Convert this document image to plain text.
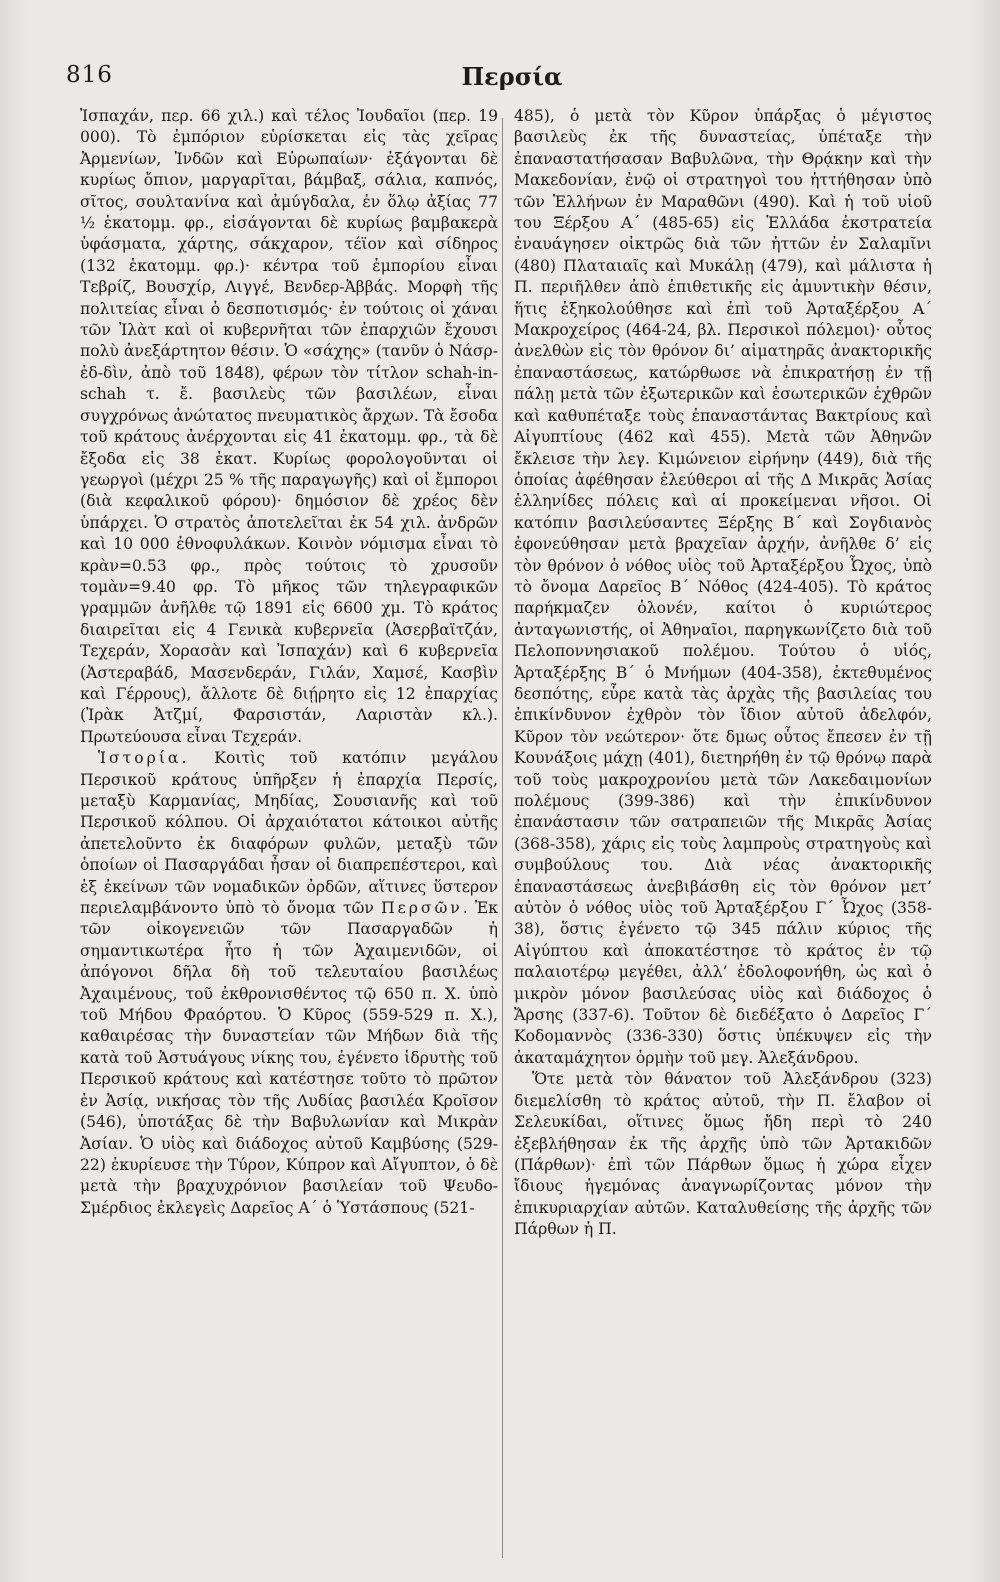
816	Περσία

Ἰσπαχάν, περ. 66 χιλ.) καὶ τέλος Ἰουδαῖοι (περ. 19 000). Τὸ ἐμπόριον εὑρίσκεται εἰς τὰς χεῖρας Ἀρμενίων, Ἰνδῶν καὶ Εὐρωπαίων· ἐξάγονται δὲ κυρίως ὄπιον, μαργαρῖται, βάμβαξ, σάλια, καπνός, σῖτος, σουλτανίνα καὶ ἀμύγδαλα, ἐν ὅλῳ ἀξίας 77 ½ ἑκατομμ. φρ., εἰσάγονται δὲ κυρίως βαμβακερὰ ὑφάσματα, χάρτης, σάκχαρον, τέϊον καὶ σίδηρος (132 ἑκατομμ. φρ.)· κέντρα τοῦ ἐμπορίου εἶναι Τεβρίζ, Βουσχίρ, Λιγγέ, Βενδερ-Ἀββάς. Μορφὴ τῆς πολιτείας εἶναι ὁ δεσποτισμός· ἐν τούτοις οἱ χάναι τῶν Ἰλὰτ καὶ οἱ κυβερνῆται τῶν ἐπαρχιῶν ἔχουσι πολὺ ἀνεξάρτητον θέσιν. Ὁ «σάχης» (τανῦν ὁ Νάσρ-ἐδ-δὶν, ἀπὸ τοῦ 1848), φέρων τὸν τίτλον schah-in-schah τ. ἔ. βασιλεὺς τῶν βασιλέων, εἶναι συγχρόνως ἀνώτατος πνευματικὸς ἄρχων. Τὰ ἔσοδα τοῦ κράτους ἀνέρχονται εἰς 41 ἑκατομμ. φρ., τὰ δὲ ἔξοδα εἰς 38 ἑκατ. Κυρίως φορολογοῦνται οἱ γεωργοὶ (μέχρι 25 % τῆς παραγωγῆς) καὶ οἱ ἔμποροι (διὰ κεφαλικοῦ φόρου)· δημόσιον δὲ χρέος δὲν ὑπάρχει. Ὁ στρατὸς ἀποτελεῖται ἐκ 54 χιλ. ἀνδρῶν καὶ 10 000 ἐθνοφυλάκων. Κοινὸν νόμισμα εἶναι τὸ κρὰν=0.53 φρ., πρὸς τούτοις τὸ χρυσοῦν τομὰν=9.40 φρ. Τὸ μῆκος τῶν τηλεγραφικῶν γραμμῶν ἀνῆλθε τῷ 1891 εἰς 6600 χμ. Τὸ κράτος διαιρεῖται εἰς 4 Γενικὰ κυβερνεῖα (Ἀσερβαϊτζάν, Τεχεράν, Χορασὰν καὶ Ἰσπαχάν) καὶ 6 κυβερνεῖα (Ἀστεραβάδ, Μασενδεράν, Γιλάν, Χαμσέ, Κασβὶν καὶ Γέρρους), ἄλλοτε δὲ διῄρητο εἰς 12 ἐπαρχίας (Ἰρὰκ Ἀτζμί, Φαρσιστάν, Λαριστὰν κλ.). Πρωτεύουσα εἶναι Τεχεράν.

Ἱστορία. Κοιτὶς τοῦ κατόπιν μεγάλου Περσικοῦ κράτους ὑπῆρξεν ἡ ἐπαρχία Περσίς, μεταξὺ Καρμανίας, Μηδίας, Σουσιανῆς καὶ τοῦ Περσικοῦ κόλπου. Οἱ ἀρχαιότατοι κάτοικοι αὐτῆς ἀπετελοῦντο ἐκ διαφόρων φυλῶν, μεταξὺ τῶν ὁποίων οἱ Πασαργάδαι ἦσαν οἱ διαπρεπέστεροι, καὶ ἐξ ἐκείνων τῶν νομαδικῶν ὀρδῶν, αἵτινες ὕστερον περιελαμβάνοντο ὑπὸ τὸ ὄνομα τῶν Περσῶν. Ἐκ τῶν οἰκογενειῶν τῶν Πασαργαδῶν ἡ σημαντικωτέρα ἦτο ἡ τῶν Ἀχαιμενιδῶν, οἱ ἀπόγονοι δῆλα δὴ τοῦ τελευταίου βασιλέως Ἀχαιμένους, τοῦ ἐκθρονισθέντος τῷ 650 π. Χ. ὑπὸ τοῦ Μήδου Φραόρτου. Ὁ Κῦρος (559-529 π. Χ.), καθαιρέσας τὴν δυναστείαν τῶν Μήδων διὰ τῆς κατὰ τοῦ Ἀστυάγους νίκης του, ἐγένετο ἱδρυτὴς τοῦ Περσικοῦ κράτους καὶ κατέστησε τοῦτο τὸ πρῶτον ἐν Ἀσίᾳ, νικήσας τὸν τῆς Λυδίας βασιλέα Κροῖσον (546), ὑποτάξας δὲ τὴν Βαβυλωνίαν καὶ Μικρὰν Ἀσίαν. Ὁ υἱὸς καὶ διάδοχος αὐτοῦ Καμβύσης (529-22) ἐκυρίευσε τὴν Τύρον, Κύπρον καὶ Αἴγυπτον, ὁ δὲ μετὰ τὴν βραχυχρόνιον βασιλείαν τοῦ Ψευδο-Σμέρδιος ἐκλεγεὶς Δαρεῖος Α΄ ὁ Ὑστάσπους (521-

485), ὁ μετὰ τὸν Κῦρον ὑπάρξας ὁ μέγιστος βασιλεὺς ἐκ τῆς δυναστείας, ὑπέταξε τὴν ἐπαναστατήσασαν Βαβυλῶνα, τὴν Θρᾴκην καὶ τὴν Μακεδονίαν, ἐνῷ οἱ στρατηγοὶ του ἡττήθησαν ὑπὸ τῶν Ἑλλήνων ἐν Μαραθῶνι (490). Καὶ ἡ τοῦ υἱοῦ του Ξέρξου Α΄ (485-65) εἰς Ἑλλάδα ἐκστρατεία ἐναυάγησεν οἰκτρῶς διὰ τῶν ἡττῶν ἐν Σαλαμῖνι (480) Πλαταιαῖς καὶ Μυκάλῃ (479), καὶ μάλιστα ἡ Π. περιῆλθεν ἀπὸ ἐπιθετικῆς εἰς ἀμυντικὴν θέσιν, ἥτις ἐξηκολούθησε καὶ ἐπὶ τοῦ Ἀρταξέρξου Α΄ Μακροχείρος (464-24, βλ. Περσικοὶ πόλεμοι)· οὗτος ἀνελθὼν εἰς τὸν θρόνον δι’ αἱματηρᾶς ἀνακτορικῆς ἐπαναστάσεως, κατώρθωσε νὰ ἐπικρατήσῃ ἐν τῇ πάλῃ μετὰ τῶν ἐξωτερικῶν καὶ ἐσωτερικῶν ἐχθρῶν καὶ καθυπέταξε τοὺς ἐπαναστάντας Βακτρίους καὶ Αἰγυπτίους (462 καὶ 455). Μετὰ τῶν Ἀθηνῶν ἔκλεισε τὴν λεγ. Κιμώνειον εἰρήνην (449), διὰ τῆς ὁποίας ἀφέθησαν ἐλεύθεροι αἱ τῆς Δ Μικρᾶς Ἀσίας ἑλληνίδες πόλεις καὶ αἱ προκείμεναι νῆσοι. Οἱ κατόπιν βασιλεύσαντες Ξέρξης Β΄ καὶ Σογδιανὸς ἐφονεύθησαν μετὰ βραχεῖαν ἀρχήν, ἀνῆλθε δ’ εἰς τὸν θρόνον ὁ νόθος υἱὸς τοῦ Ἀρταξέρξου Ὦχος, ὑπὸ τὸ ὄνομα Δαρεῖος Β΄ Νόθος (424-405). Τὸ κράτος παρήκμαζεν ὁλονέν, καίτοι ὁ κυριώτερος ἀνταγωνιστής, οἱ Ἀθηναῖοι, παρηγκωνίζετο διὰ τοῦ Πελοποννησιακοῦ πολέμου. Τούτου ὁ υἱός, Ἀρταξέρξης Β΄ ὁ Μνήμων (404-358), ἐκτεθυμένος δεσπότης, εὗρε κατὰ τὰς ἀρχὰς τῆς βασιλείας του ἐπικίνδυνον ἐχθρὸν τὸν ἴδιον αὐτοῦ ἀδελφόν, Κῦρον τὸν νεώτερον· ὅτε δμως οὗτος ἔπεσεν ἐν τῇ Κουνάξοις μάχῃ (401), διετηρήθη ἐν τῷ θρόνῳ παρὰ τοῦ τοὺς μακροχρονίου μετὰ τῶν Λακεδαιμονίων πολέμους (399-386) καὶ τὴν ἐπικίνδυνον ἐπανάστασιν τῶν σατραπειῶν τῆς Μικρᾶς Ἀσίας (368-358), χάρις εἰς τοὺς λαμπροὺς στρατηγοὺς καὶ συμβούλους του. Διὰ νέας ἀνακτορικῆς ἐπαναστάσεως ἀνεβιβάσθη εἰς τὸν θρόνον μετ’ αὐτὸν ὁ νόθος υἱὸς τοῦ Ἀρταξέρξου Γ΄ Ὦχος (358-38), ὅστις ἐγένετο τῷ 345 πάλιν κύριος τῆς Αἰγύπτου καὶ ἀποκατέστησε τὸ κράτος ἐν τῷ παλαιοτέρῳ μεγέθει, ἀλλ’ ἐδολοφονήθη, ὡς καὶ ὁ μικρὸν μόνον βασιλεύσας υἱὸς καὶ διάδοχος ὁ Ἄρσης (337-6). Τοῦτον δὲ διεδέξατο ὁ Δαρεῖος Γ΄ Κοδομαννὸς (336-330) ὅστις ὑπέκυψεν εἰς τὴν ἀκαταμάχητον ὁρμὴν τοῦ μεγ. Ἀλεξάνδρου.

Ὅτε μετὰ τὸν θάνατον τοῦ Ἀλεξάνδρου (323) διεμελίσθη τὸ κράτος αὐτοῦ, τὴν Π. ἔλαβον οἱ Σελευκίδαι, οἵτινες ὅμως ἤδη περὶ τὸ 240 ἐξεβλήθησαν ἐκ τῆς ἀρχῆς ὑπὸ τῶν Ἀρτακιδῶν (Πάρθων)· ἐπὶ τῶν Πάρθων ὅμως ἡ χώρα εἶχεν ἴδιους ἡγεμόνας ἀναγνωρίζοντας μόνον τὴν ἐπικυριαρχίαν αὐτῶν. Καταλυθείσης τῆς ἀρχῆς τῶν Πάρθων ἡ Π.
